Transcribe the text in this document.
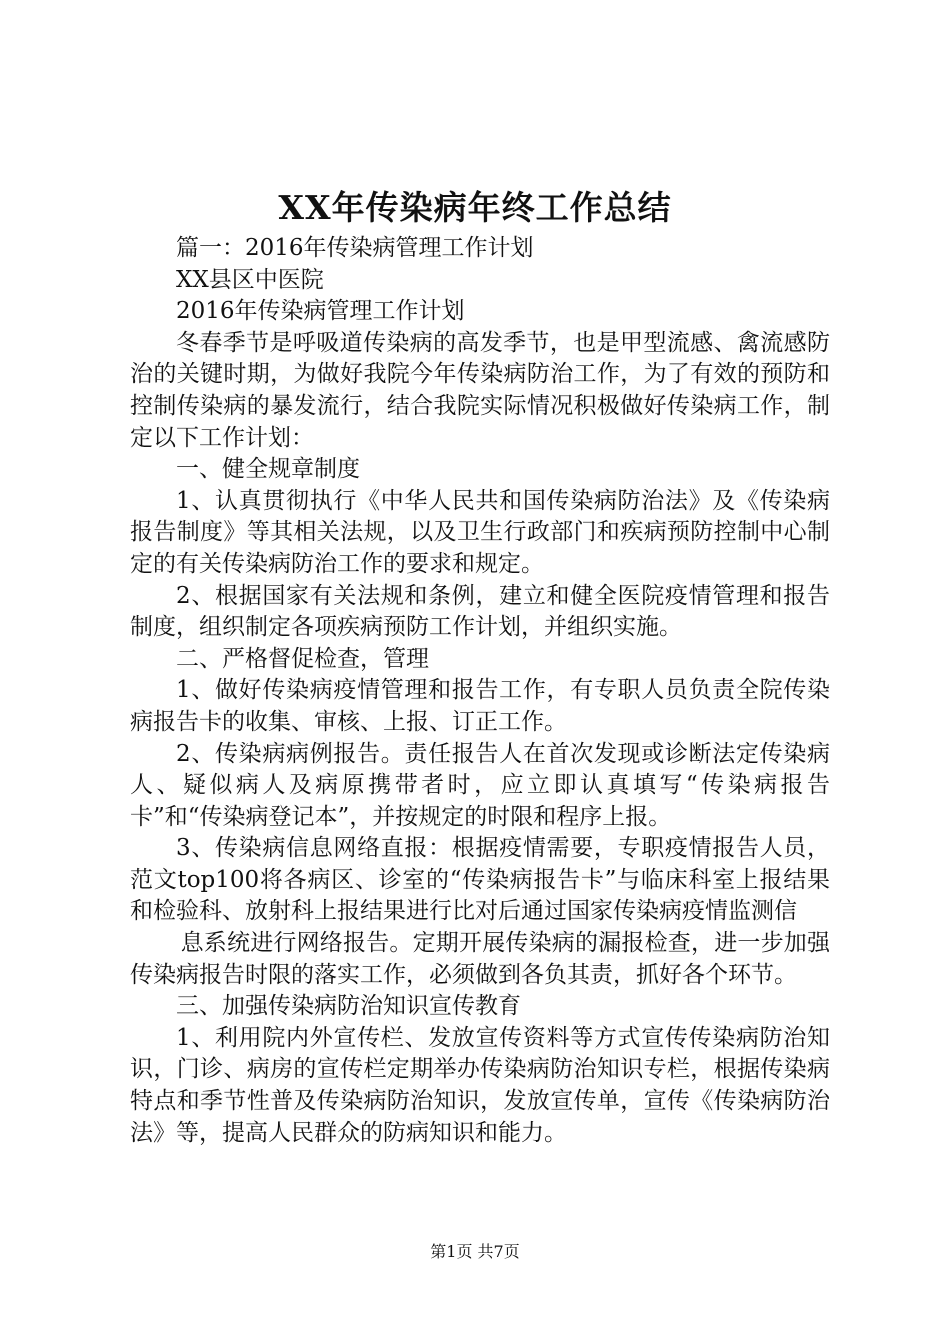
XX年传染病年终工作总结

篇一：2016年传染病管理工作计划

XX县区中医院

2016年传染病管理工作计划

冬春季节是呼吸道传染病的高发季节，也是甲型流感、禽流感防治的关键时期，为做好我院今年传染病防治工作，为了有效的预防和控制传染病的暴发流行，结合我院实际情况积极做好传染病工作，制定以下工作计划：

一、健全规章制度

1、认真贯彻执行《中华人民共和国传染病防治法》及《传染病报告制度》等其相关法规，以及卫生行政部门和疾病预防控制中心制定的有关传染病防治工作的要求和规定。

2、根据国家有关法规和条例，建立和健全医院疫情管理和报告制度，组织制定各项疾病预防工作计划，并组织实施。

二、严格督促检查，管理

1、做好传染病疫情管理和报告工作，有专职人员负责全院传染病报告卡的收集、审核、上报、订正工作。

2、传染病病例报告。责任报告人在首次发现或诊断法定传染病人、疑似病人及病原携带者时，应立即认真填写“传染病报告卡”和“传染病登记本”，并按规定的时限和程序上报。

3、传染病信息网络直报：根据疫情需要，专职疫情报告人员，范文top100将各病区、诊室的“传染病报告卡”与临床科室上报结果和检验科、放射科上报结果进行比对后通过国家传染病疫情监测信

息系统进行网络报告。定期开展传染病的漏报检查，进一步加强传染病报告时限的落实工作，必须做到各负其责，抓好各个环节。

三、加强传染病防治知识宣传教育

1、利用院内外宣传栏、发放宣传资料等方式宣传传染病防治知识，门诊、病房的宣传栏定期举办传染病防治知识专栏，根据传染病特点和季节性普及传染病防治知识，发放宣传单，宣传《传染病防治法》等，提高人民群众的防病知识和能力。

第1页 共7页
